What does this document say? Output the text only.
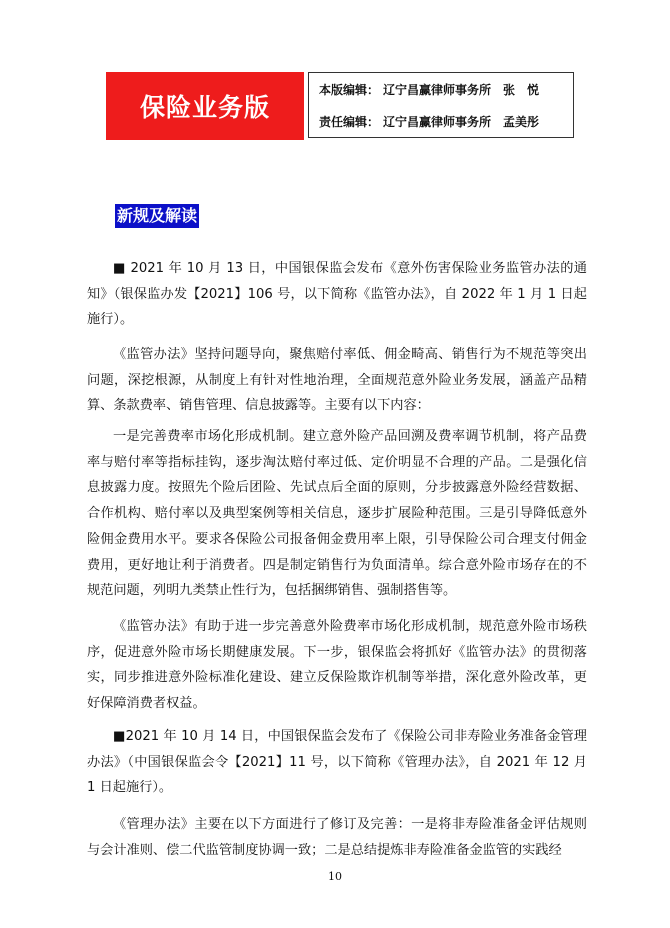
保险业务版
本版编辑： 辽宁昌赢律师事务所　张　悦
责任编辑： 辽宁昌赢律师事务所　孟美彤
新规及解读

■ 2021 年 10 月 13 日，中国银保监会发布《意外伤害保险业务监管办法的通知》（银保监办发【2021】106 号，以下简称《监管办法》，自 2022 年 1 月 1 日起施行）。

《监管办法》坚持问题导向，聚焦赔付率低、佣金畸高、销售行为不规范等突出问题，深挖根源，从制度上有针对性地治理，全面规范意外险业务发展，涵盖产品精算、条款费率、销售管理、信息披露等。主要有以下内容：

一是完善费率市场化形成机制。建立意外险产品回溯及费率调节机制，将产品费率与赔付率等指标挂钩，逐步淘汰赔付率过低、定价明显不合理的产品。二是强化信息披露力度。按照先个险后团险、先试点后全面的原则，分步披露意外险经营数据、合作机构、赔付率以及典型案例等相关信息，逐步扩展险种范围。三是引导降低意外险佣金费用水平。要求各保险公司报备佣金费用率上限，引导保险公司合理支付佣金费用，更好地让利于消费者。四是制定销售行为负面清单。综合意外险市场存在的不规范问题，列明九类禁止性行为，包括捆绑销售、强制搭售等。

《监管办法》有助于进一步完善意外险费率市场化形成机制，规范意外险市场秩序，促进意外险市场长期健康发展。下一步，银保监会将抓好《监管办法》的贯彻落实，同步推进意外险标准化建设、建立反保险欺诈机制等举措，深化意外险改革，更好保障消费者权益。

■2021 年 10 月 14 日，中国银保监会发布了《保险公司非寿险业务准备金管理办法》（中国银保监会令【2021】11 号，以下简称《管理办法》，自 2021 年 12 月 1 日起施行）。

《管理办法》主要在以下方面进行了修订及完善：一是将非寿险准备金评估规则与会计准则、偿二代监管制度协调一致；二是总结提炼非寿险准备金监管的实践经

10
